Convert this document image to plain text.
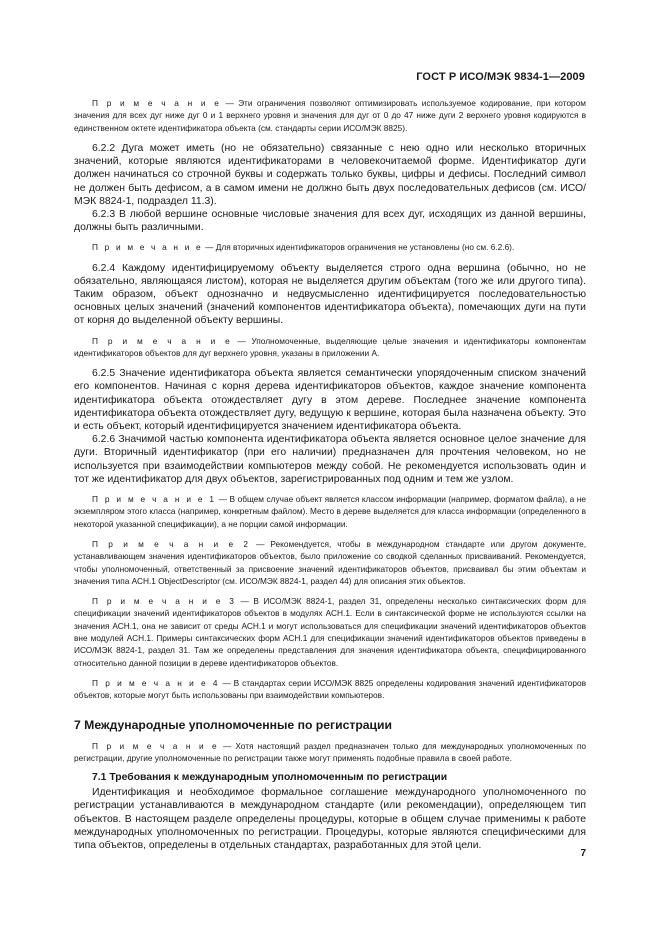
ГОСТ Р ИСО/МЭК 9834-1—2009

П р и м е ч а н и е — Эти ограничения позволяют оптимизировать используемое кодирование, при котором значения для всех дуг ниже дуг 0 и 1 верхнего уровня и значения для дуг от 0 до 47 ниже дуги 2 верхнего уровня кодируются в единственном октете идентификатора объекта (см. стандарты серии ИСО/МЭК 8825).

6.2.2 Дуга может иметь (но не обязательно) связанные с нею одно или несколько вторичных значений, которые являются идентификаторами в человекочитаемой форме. Идентификатор дуги должен начинаться со строчной буквы и содержать только буквы, цифры и дефисы. Последний символ не должен быть дефисом, а в самом имени не должно быть двух последовательных дефисов (см. ИСО/МЭК 8824-1, подраздел 11.3).

6.2.3 В любой вершине основные числовые значения для всех дуг, исходящих из данной вершины, должны быть различными.

П р и м е ч а н и е — Для вторичных идентификаторов ограничения не установлены (но см. 6.2.6).

6.2.4 Каждому идентифицируемому объекту выделяется строго одна вершина (обычно, но не обязательно, являющаяся листом), которая не выделяется другим объектам (того же или другого типа). Таким образом, объект однозначно и недвусмысленно идентифицируется последовательностью основных целых значений (значений компонентов идентификатора объекта), помечающих дуги на пути от корня до выделенной объекту вершины.

П р и м е ч а н и е — Уполномоченные, выделяющие целые значения и идентификаторы компонентам идентификаторов объектов для дуг верхнего уровня, указаны в приложении А.

6.2.5 Значение идентификатора объекта является семантически упорядоченным списком значений его компонентов. Начиная с корня дерева идентификаторов объектов, каждое значение компонента идентификатора объекта отождествляет дугу в этом дереве. Последнее значение компонента идентификатора объекта отождествляет дугу, ведущую к вершине, которая была назначена объекту. Это и есть объект, который идентифицируется значением идентификатора объекта.

6.2.6 Значимой частью компонента идентификатора объекта является основное целое значение для дуги. Вторичный идентификатор (при его наличии) предназначен для прочтения человеком, но не используется при взаимодействии компьютеров между собой. Не рекомендуется использовать один и тот же идентификатор для двух объектов, зарегистрированных под одним и тем же узлом.

П р и м е ч а н и е 1 — В общем случае объект является классом информации (например, форматом файла), а не экземпляром этого класса (например, конкретным файлом). Место в дереве выделяется для класса информации (определенного в некоторой указанной спецификации), а не порции самой информации.

П р и м е ч а н и е 2 — Рекомендуется, чтобы в международном стандарте или другом документе, устанавливающем значения идентификаторов объектов, было приложение со сводкой сделанных присваиваний. Рекомендуется, чтобы уполномоченный, ответственный за присвоение значений идентификаторов объектов, присваивал бы этим объектам и значения типа АСН.1 ObjectDescriptor (см. ИСО/МЭК 8824-1, раздел 44) для описания этих объектов.

П р и м е ч а н и е 3 — В ИСО/МЭК 8824-1, раздел 31, определены несколько синтаксических форм для спецификации значений идентификаторов объектов в модулях АСН.1. Если в синтаксической форме не используются ссылки на значения АСН.1, она не зависит от среды АСН.1 и могут использоваться для спецификации значений идентификаторов объектов вне модулей АСН.1. Примеры синтаксических форм АСН.1 для спецификации значений идентификаторов объектов приведены в ИСО/МЭК 8824-1, раздел 31. Там же определены представления для значения идентификатора объекта, специфицированного относительно данной позиции в дереве идентификаторов объектов.

П р и м е ч а н и е 4 — В стандартах серии ИСО/МЭК 8825 определены кодирования значений идентификаторов объектов, которые могут быть использованы при взаимодействии компьютеров.

7 Международные уполномоченные по регистрации

П р и м е ч а н и е — Хотя настоящий раздел предназначен только для международных уполномоченных по регистрации, другие уполномоченные по регистрации также могут применять подобные правила в своей работе.

7.1 Требования к международным уполномоченным по регистрации

Идентификация и необходимое формальное соглашение международного уполномоченного по регистрации устанавливаются в международном стандарте (или рекомендации), определяющем тип объектов. В настоящем разделе определены процедуры, которые в общем случае применимы к работе международных уполномоченных по регистрации. Процедуры, которые являются специфическими для типа объектов, определены в отдельных стандартах, разработанных для этой цели.

7
